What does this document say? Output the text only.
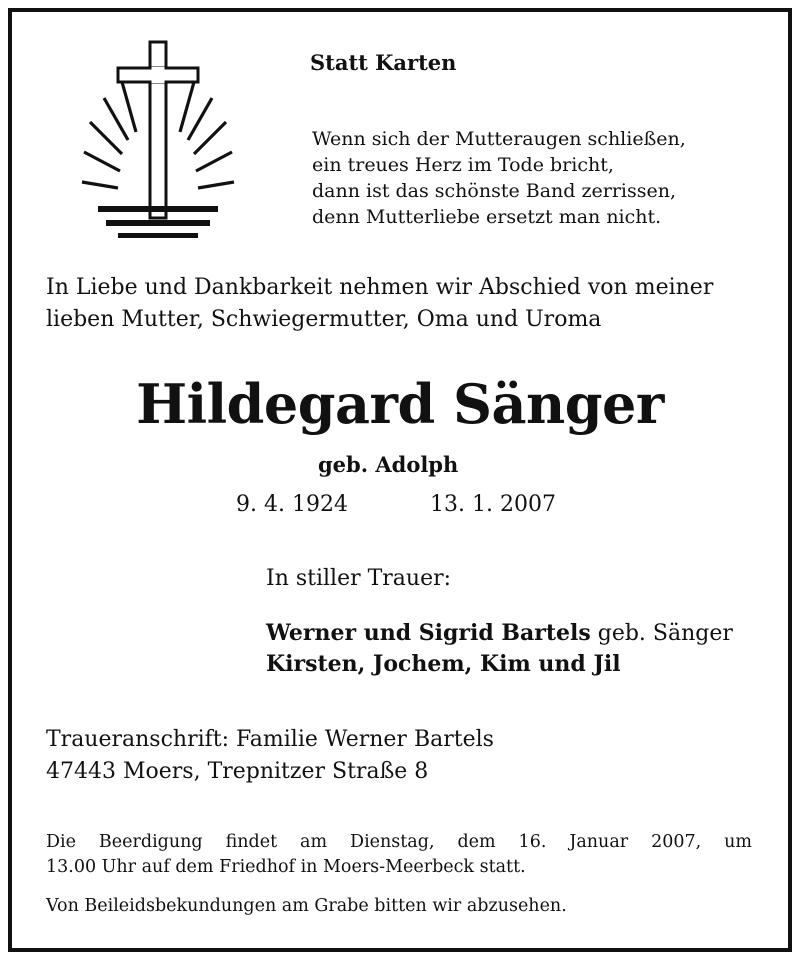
Statt Karten
Wenn sich der Mutteraugen schließen,
ein treues Herz im Tode bricht,
dann ist das schönste Band zerrissen,
denn Mutterliebe ersetzt man nicht.
In Liebe und Dankbarkeit nehmen wir Abschied von meiner
lieben Mutter, Schwiegermutter, Oma und Uroma
Hildegard Sänger
geb. Adolph
9. 4. 1924	13. 1. 2007
In stiller Trauer:
Werner und Sigrid Bartels geb. Sänger
Kirsten, Jochem, Kim und Jil
Traueranschrift: Familie Werner Bartels
47443 Moers, Trepnitzer Straße 8
Die Beerdigung findet am Dienstag, dem 16. Januar 2007, um
13.00 Uhr auf dem Friedhof in Moers-Meerbeck statt.
Von Beileidsbekundungen am Grabe bitten wir abzusehen.
